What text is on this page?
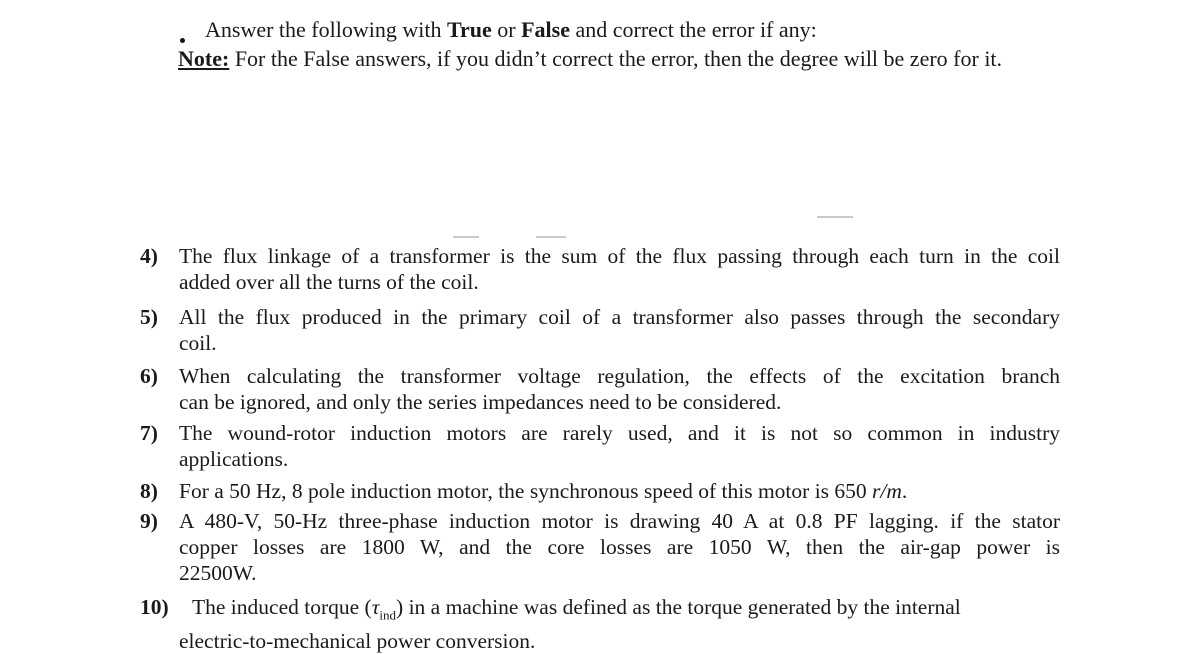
Answer the following with True or False and correct the error if any:
Note: For the False answers, if you didn’t correct the error, then the degree will be zero for it.
4) The flux linkage of a transformer is the sum of the flux passing through each turn in the coil
added over all the turns of the coil.
5) All the flux produced in the primary coil of a transformer also passes through the secondary
coil.
6) When calculating the transformer voltage regulation, the effects of the excitation branch
can be ignored, and only the series impedances need to be considered.
7) The wound-rotor induction motors are rarely used, and it is not so common in industry
applications.
8) For a 50 Hz, 8 pole induction motor, the synchronous speed of this motor is 650 r/m.
9) A 480-V, 50-Hz three-phase induction motor is drawing 40 A at 0.8 PF lagging. if the stator
copper losses are 1800 W, and the core losses are 1050 W, then the air-gap power is
22500W.
10) The induced torque $(\tau_{ind})$ in a machine was defined as the torque generated by the internal
electric-to-mechanical power conversion.
